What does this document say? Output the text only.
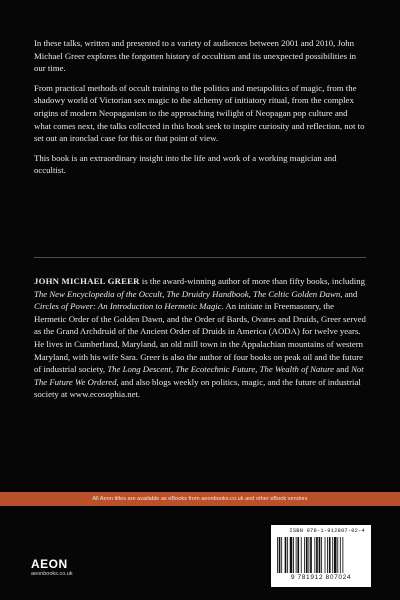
In these talks, written and presented to a variety of audiences between 2001 and 2010, John Michael Greer explores the forgotten history of occultism and its unexpected possibilities in our time.

From practical methods of occult training to the politics and metapolitics of magic, from the shadowy world of Victorian sex magic to the alchemy of initiatory ritual, from the complex origins of modern Neopaganism to the approaching twilight of Neopagan pop culture and what comes next, the talks collected in this book seek to inspire curiosity and reflection, not to set out an ironclad case for this or that point of view.

This book is an extraordinary insight into the life and work of a working magician and occultist.

JOHN MICHAEL GREER is the award-winning author of more than fifty books, including The New Encyclopedia of the Occult, The Druidry Handbook, The Celtic Golden Dawn, and Circles of Power: An Introduction to Hermetic Magic. An initiate in Freemasonry, the Hermetic Order of the Golden Dawn, and the Order of Bards, Ovates and Druids, Greer served as the Grand Archdruid of the Ancient Order of Druids in America (AODA) for twelve years. He lives in Cumberland, Maryland, an old mill town in the Appalachian mountains of western Maryland, with his wife Sara. Greer is also the author of four books on peak oil and the future of industrial society, The Long Descent, The Ecotechnic Future, The Wealth of Nature and Not The Future We Ordered, and also blogs weekly on politics, magic, and the future of industrial society at www.ecosophia.net.

All Aeon titles are available as eBooks from aeonbooks.co.uk and other eBook vendors
AEON
aeonbooks.co.uk
ISBN 978-1-912807-02-4
9 781912 807024
